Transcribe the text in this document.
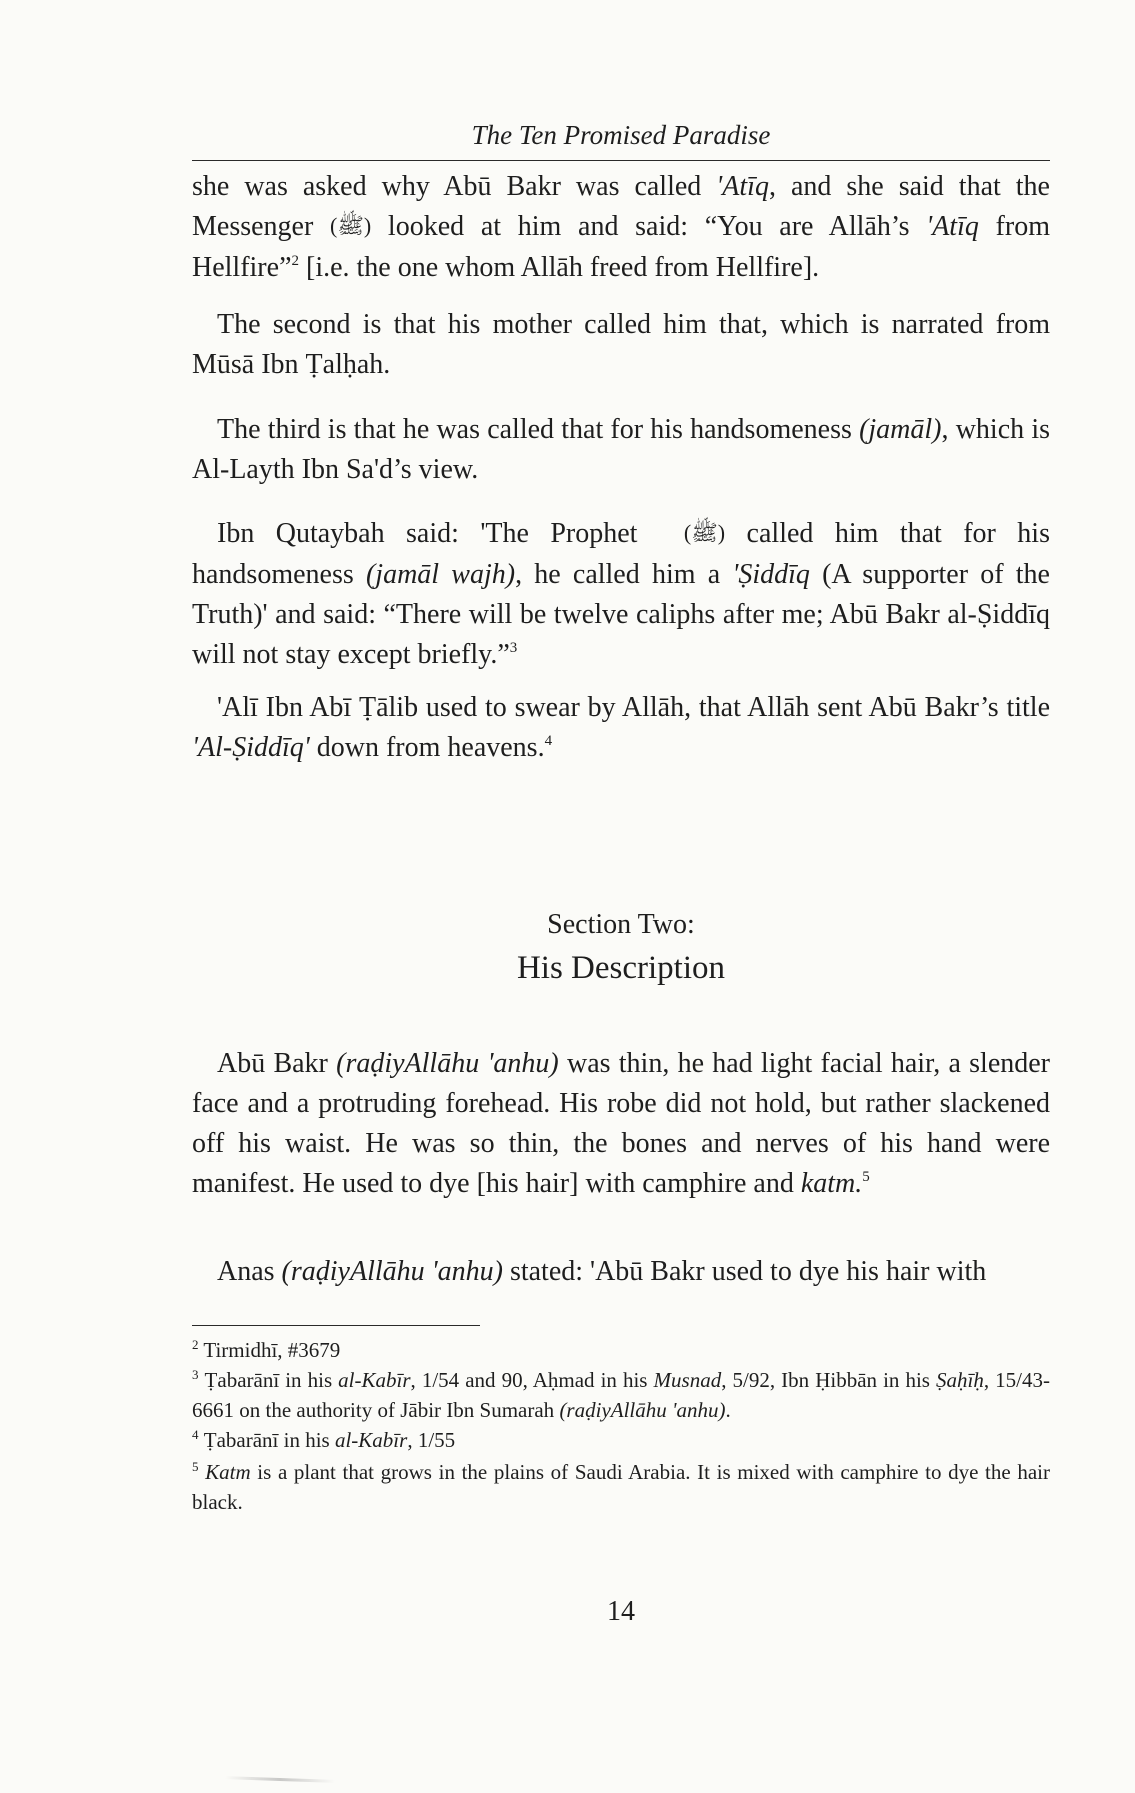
The Ten Promised Paradise

she was asked why Abū Bakr was called 'Atīq, and she said that the Messenger (ﷺ) looked at him and said: “You are Allāh’s 'Atīq from Hellfire”$^2$ [i.e. the one whom Allāh freed from Hellfire].

The second is that his mother called him that, which is narrated from Mūsā Ibn Ṭalḥah.

The third is that he was called that for his handsomeness (jamāl), which is Al-Layth Ibn Sa'd’s view.

Ibn Qutaybah said: 'The Prophet (ﷺ) called him that for his handsomeness (jamāl wajh), he called him a 'Ṣiddīq (A supporter of the Truth)' and said: “There will be twelve caliphs after me; Abū Bakr al-Ṣiddīq will not stay except briefly.”$^3$

'Alī Ibn Abī Ṭālib used to swear by Allāh, that Allāh sent Abū Bakr’s title 'Al-Ṣiddīq' down from heavens.$^4$

Section Two:
His Description

Abū Bakr (raḍiyAllāhu 'anhu) was thin, he had light facial hair, a slender face and a protruding forehead. His robe did not hold, but rather slackened off his waist. He was so thin, the bones and nerves of his hand were manifest. He used to dye [his hair] with camphire and katm.$^5$

Anas (raḍiyAllāhu 'anhu) stated: 'Abū Bakr used to dye his hair with

$^2$ Tirmidhī, #3679

$^3$ Ṭabarānī in his al-Kabīr, 1/54 and 90, Aḥmad in his Musnad, 5/92, Ibn Ḥibbān in his Ṣaḥīḥ, 15/43-6661 on the authority of Jābir Ibn Sumarah (raḍiyAllāhu 'anhu).

$^4$ Ṭabarānī in his al-Kabīr, 1/55

$^5$ Katm is a plant that grows in the plains of Saudi Arabia. It is mixed with camphire to dye the hair black.

14
